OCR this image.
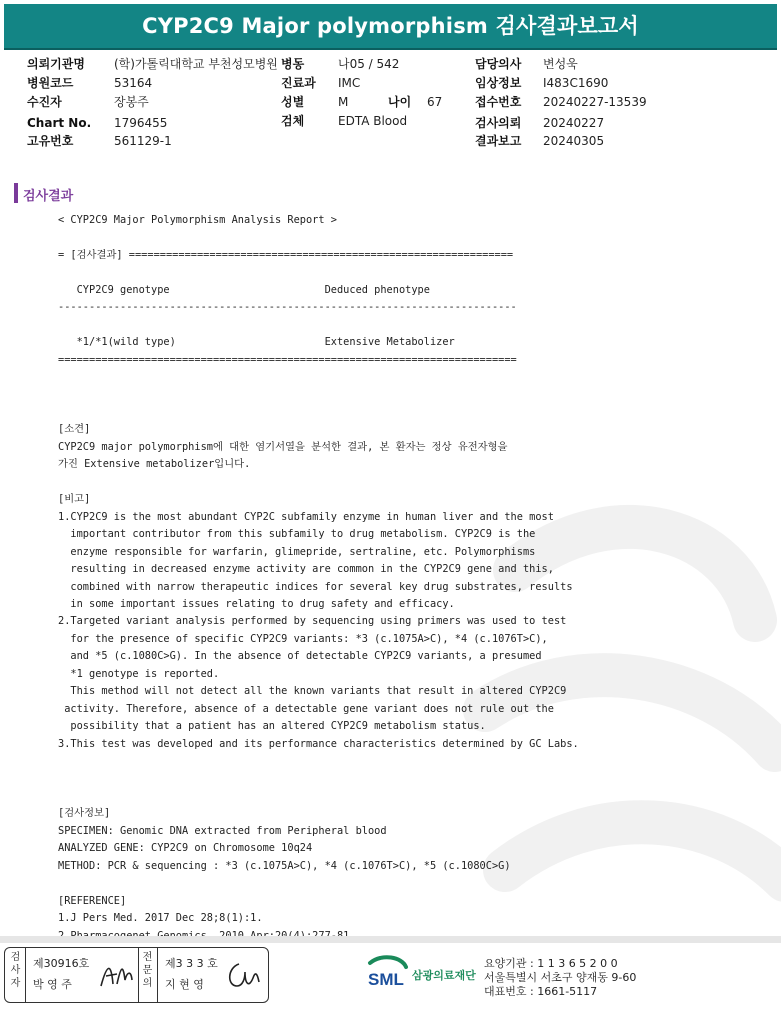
CYP2C9 Major polymorphism 검사결과보고서
의뢰기관명 (학)가톨릭대학교 부천성모병원 병동	나05 / 542	담당의사 변성욱
병원코드	53164	진료과 IMC	임상정보 I483C1690
수진자	장봉주	성별	M	나이 67	접수번호 20240227-13539
Chart No. 1796455	검체	EDTA Blood	검사의뢰 20240227
고유번호	561129-1	결과보고 20240305
검사결과
< CYP2C9 Major Polymorphism Analysis Report >

= [검사결과] ==============================================================

CYP2C9 genotype                         Deduced phenotype
--------------------------------------------------------------------------

*1/*1(wild type)                        Extensive Metabolizer
==========================================================================

[소견]
CYP2C9 major polymorphism에 대한 염기서열을 분석한 결과, 본 환자는 정상 유전자형을
가진 Extensive metabolizer입니다.

[비고]
1.CYP2C9 is the most abundant CYP2C subfamily enzyme in human liver and the most
important contributor from this subfamily to drug metabolism. CYP2C9 is the
enzyme responsible for warfarin, glimepride, sertraline, etc. Polymorphisms
resulting in decreased enzyme activity are common in the CYP2C9 gene and this,
combined with narrow therapeutic indices for several key drug substrates, results
in some important issues relating to drug safety and efficacy.
2.Targeted variant analysis performed by sequencing using primers was used to test
for the presence of specific CYP2C9 variants: *3 (c.1075A>C), *4 (c.1076T>C),
and *5 (c.1080C>G). In the absence of detectable CYP2C9 variants, a presumed
*1 genotype is reported.
This method will not detect all the known variants that result in altered CYP2C9
activity. Therefore, absence of a detectable gene variant does not rule out the
possibility that a patient has an altered CYP2C9 metabolism status.
3.This test was developed and its performance characteristics determined by GC Labs.

[검사정보]
SPECIMEN: Genomic DNA extracted from Peripheral blood
ANALYZED GENE: CYP2C9 on Chromosome 10q24
METHOD: PCR & sequencing : *3 (c.1075A>C), *4 (c.1076T>C), *5 (c.1080C>G)

[REFERENCE]
1.J Pers Med. 2017 Dec 28;8(1):1.

검사자
제30916호
박 영 주
전문의
제3 3 3 호
지 현 영	SML 삼광의료재단
요양기관 : 1 1 3 6 5 2 0 0
서울특별시 서초구 양재동 9-60
대표번호 : 1661-5117
